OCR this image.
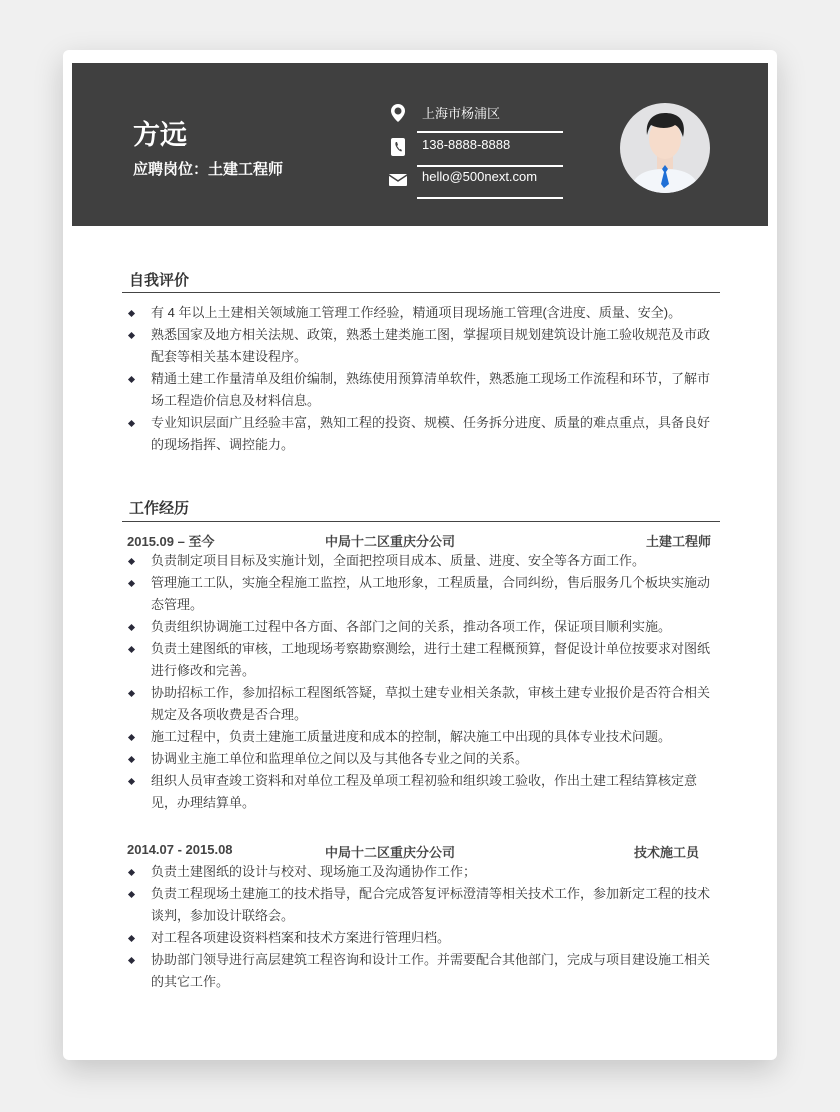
方远
应聘岗位：土建工程师
上海市杨浦区
138-8888-8888
hello@500next.com
自我评价
有 4 年以上土建相关领域施工管理工作经验，精通项目现场施工管理(含进度、质量、安全)。
熟悉国家及地方相关法规、政策，熟悉土建类施工图，掌握项目规划建筑设计施工验收规范及市政配套等相关基本建设程序。
精通土建工作量清单及组价编制，熟练使用预算清单软件，熟悉施工现场工作流程和环节，了解市场工程造价信息及材料信息。
专业知识层面广且经验丰富，熟知工程的投资、规模、任务拆分进度、质量的难点重点，具备良好的现场指挥、调控能力。
工作经历
2015.09 – 至今	中局十二区重庆分公司	土建工程师
负责制定项目目标及实施计划，全面把控项目成本、质量、进度、安全等各方面工作。
管理施工工队，实施全程施工监控，从工地形象，工程质量，合同纠纷，售后服务几个板块实施动态管理。
负责组织协调施工过程中各方面、各部门之间的关系，推动各项工作，保证项目顺利实施。
负责土建图纸的审核，工地现场考察勘察测绘，进行土建工程概预算，督促设计单位按要求对图纸进行修改和完善。
协助招标工作，参加招标工程图纸答疑，草拟土建专业相关条款，审核土建专业报价是否符合相关规定及各项收费是否合理。
施工过程中，负责土建施工质量进度和成本的控制，解决施工中出现的具体专业技术问题。
协调业主施工单位和监理单位之间以及与其他各专业之间的关系。
组织人员审查竣工资料和对单位工程及单项工程初验和组织竣工验收，作出土建工程结算核定意见，办理结算单。
2014.07 - 2015.08	中局十二区重庆分公司	技术施工员
负责土建图纸的设计与校对、现场施工及沟通协作工作；
负责工程现场土建施工的技术指导，配合完成答复评标澄清等相关技术工作，参加新定工程的技术谈判，参加设计联络会。
对工程各项建设资料档案和技术方案进行管理归档。
协助部门领导进行高层建筑工程咨询和设计工作。并需要配合其他部门，完成与项目建设施工相关的其它工作。
